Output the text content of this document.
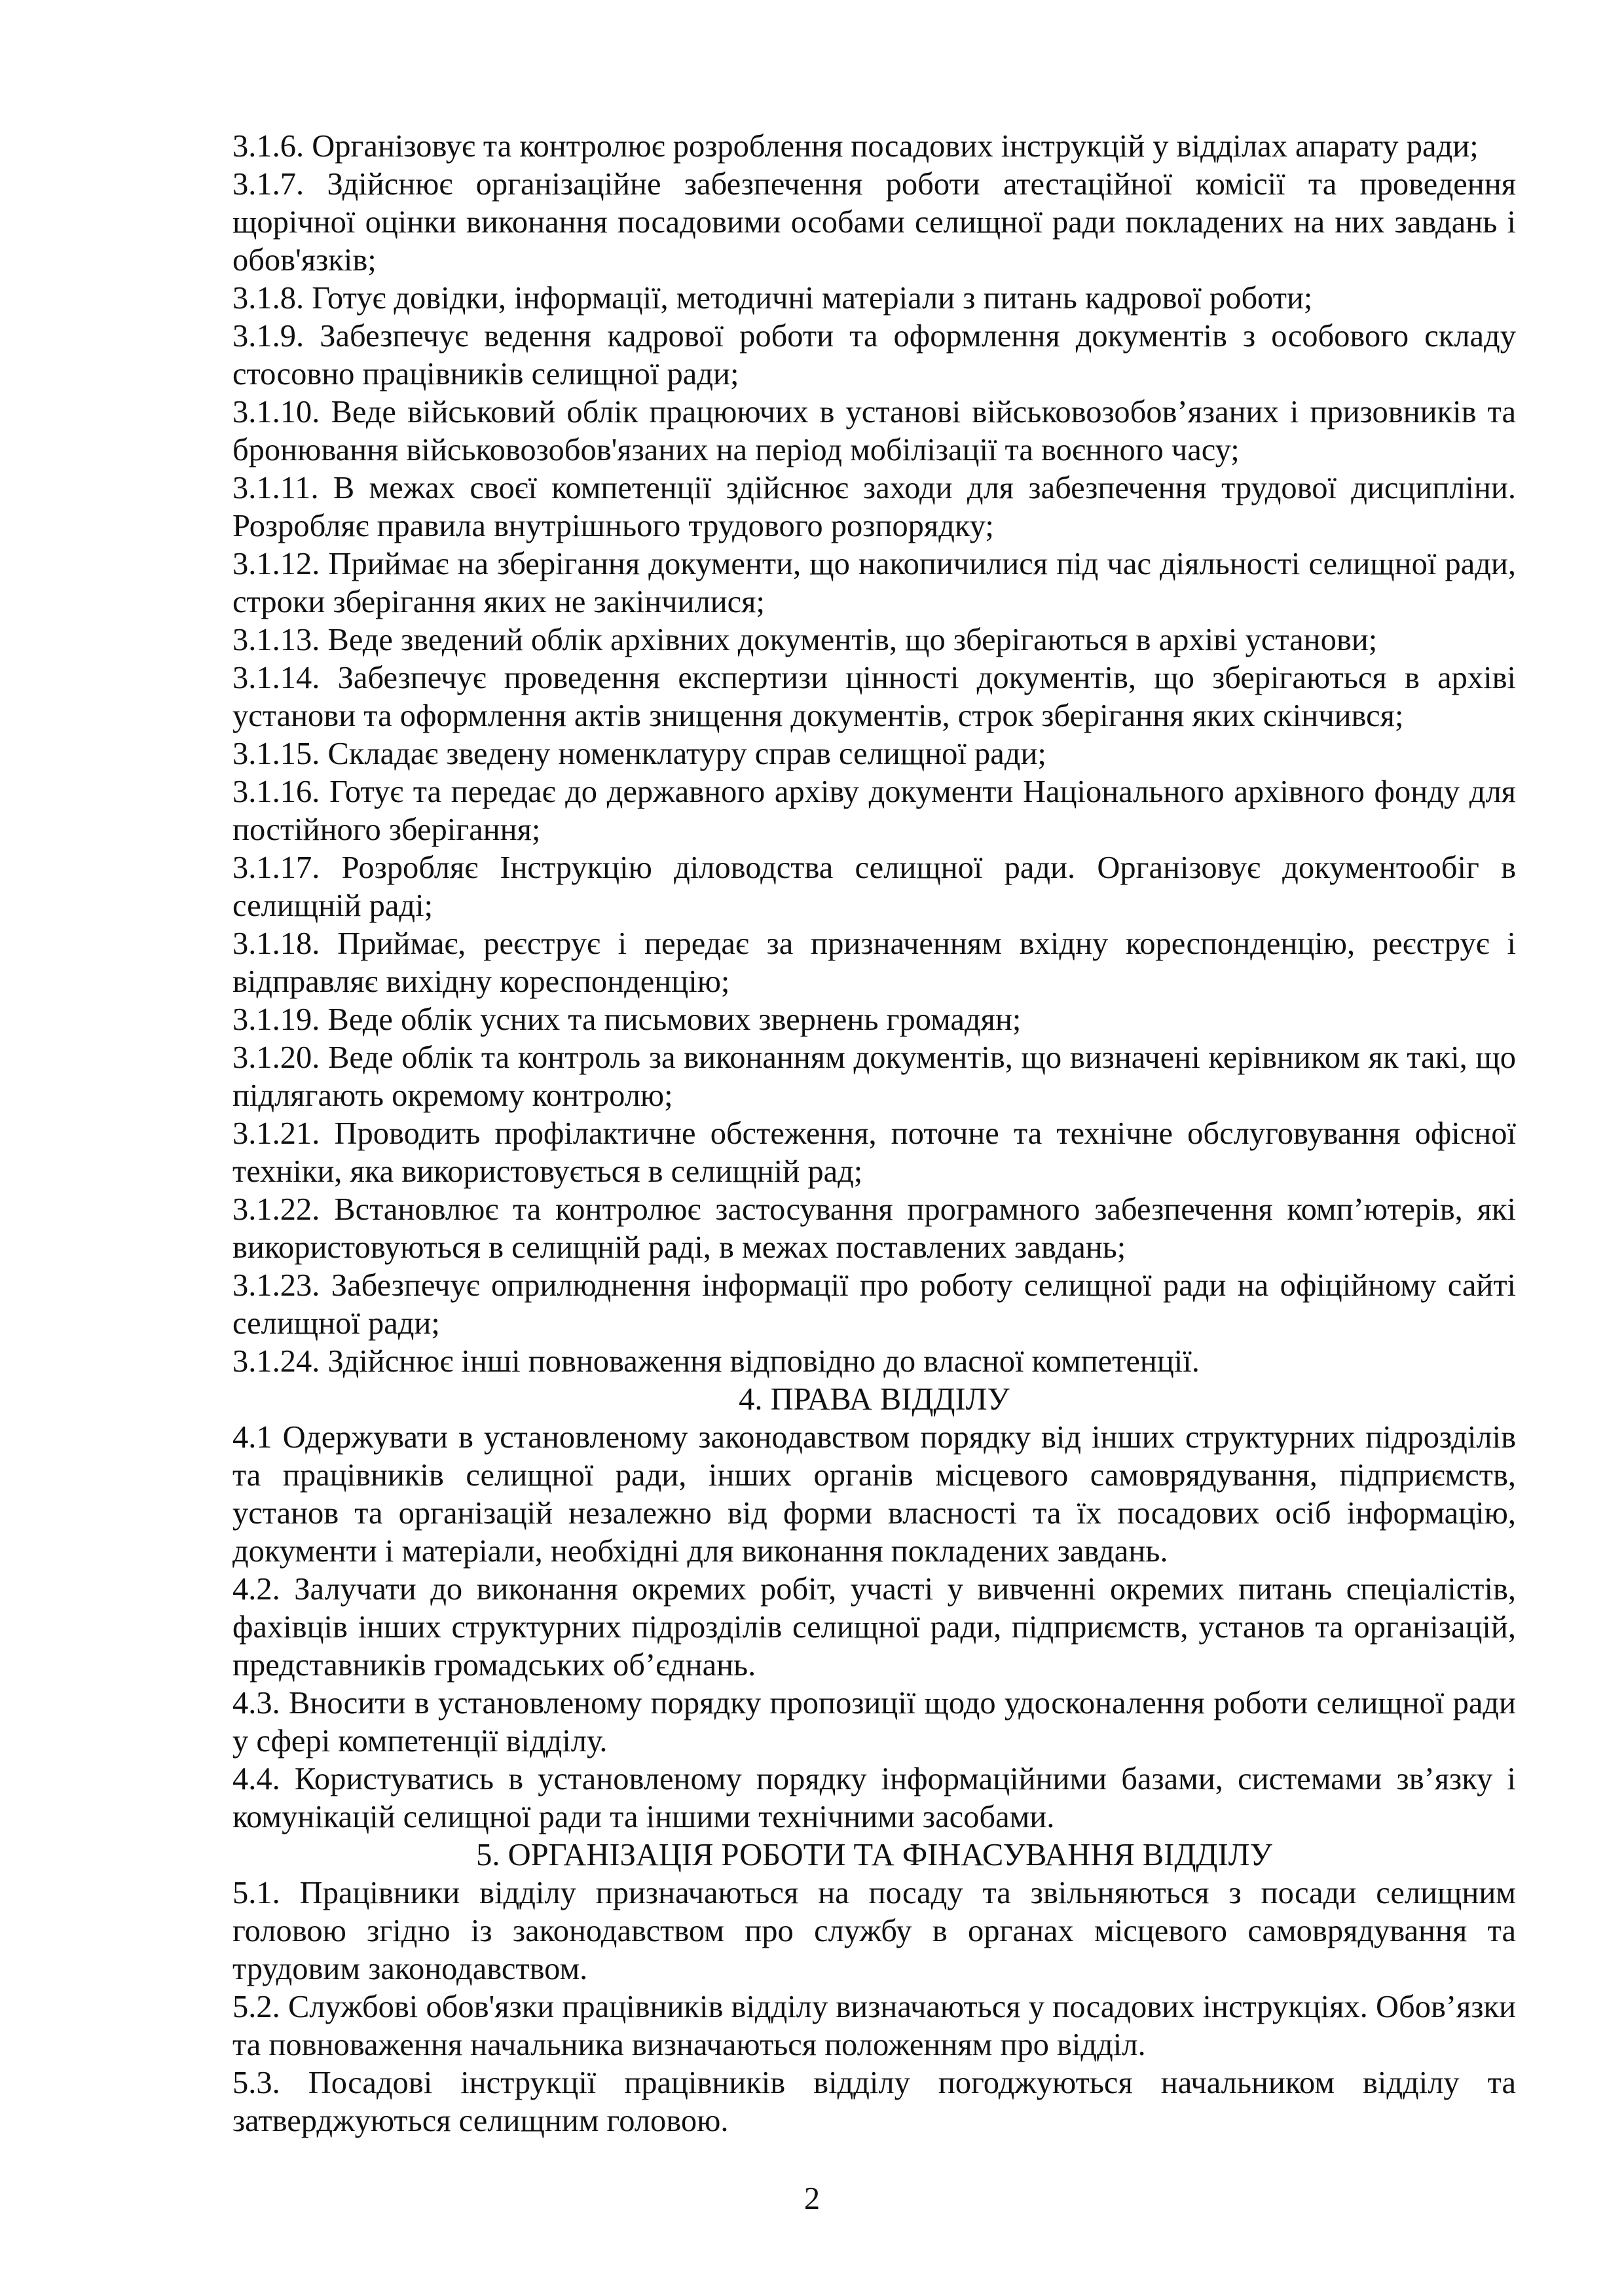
3.1.6. Організовує та контролює розроблення посадових інструкцій у відділах апарату ради;

3.1.7. Здійснює організаційне забезпечення роботи атестаційної комісії та проведення щорічної оцінки виконання посадовими особами селищної ради покладених на них завдань і обов'язків;

3.1.8. Готує довідки, інформації, методичні матеріали з питань кадрової роботи;

3.1.9. Забезпечує ведення кадрової роботи та оформлення документів з особового складу стосовно працівників селищної ради;

3.1.10. Веде військовий облік працюючих в установі військовозобов’язаних і призовників та бронювання військовозобов'язаних на період мобілізації та воєнного часу;

3.1.11. В межах своєї компетенції здійснює заходи для забезпечення трудової дисципліни. Розробляє правила внутрішнього трудового розпорядку;

3.1.12. Приймає на зберігання документи, що накопичилися під час діяльності селищної ради, строки зберігання яких не закінчилися;

3.1.13. Веде зведений облік архівних документів, що зберігаються в архіві установи;

3.1.14. Забезпечує проведення експертизи цінності документів, що зберігаються в архіві установи та оформлення актів знищення документів, строк зберігання яких скінчився;

3.1.15. Складає зведену номенклатуру справ селищної ради;

3.1.16. Готує та передає до державного архіву документи Національного архівного фонду для постійного зберігання;

3.1.17. Розробляє Інструкцію діловодства селищної ради. Організовує документообіг в селищній раді;

3.1.18. Приймає, реєструє і передає за призначенням вхідну кореспонденцію, реєструє і відправляє вихідну кореспонденцію;

3.1.19. Веде облік усних та письмових звернень громадян;

3.1.20. Веде облік та контроль за виконанням документів, що визначені керівником як такі, що підлягають окремому контролю;

3.1.21. Проводить профілактичне обстеження, поточне та технічне обслуговування офісної техніки, яка використовується в селищній рад;

3.1.22. Встановлює та контролює застосування програмного забезпечення комп’ютерів, які використовуються в селищній раді, в межах поставлених завдань;

3.1.23. Забезпечує оприлюднення інформації про роботу селищної ради на офіційному сайті селищної ради;

3.1.24. Здійснює інші повноваження відповідно до власної компетенції.

4. ПРАВА ВІДДІЛУ

4.1 Одержувати в установленому законодавством порядку від інших структурних підрозділів та працівників селищної ради, інших органів місцевого самоврядування, підприємств, установ та організацій незалежно від форми власності та їх посадових осіб інформацію, документи і матеріали, необхідні для виконання покладених завдань.

4.2. Залучати до виконання окремих робіт, участі у вивченні окремих питань спеціалістів, фахівців інших структурних підрозділів селищної ради, підприємств, установ та організацій, представників громадських об’єднань.

4.3. Вносити в установленому порядку пропозиції щодо удосконалення роботи селищної ради у сфері компетенції відділу.

4.4. Користуватись в установленому порядку інформаційними базами, системами зв’язку і комунікацій селищної ради та іншими технічними засобами.

5. ОРГАНІЗАЦІЯ РОБОТИ ТА ФІНАСУВАННЯ ВІДДІЛУ

5.1. Працівники відділу призначаються на посаду та звільняються з посади селищним головою згідно із законодавством про службу в органах місцевого самоврядування та трудовим законодавством.

5.2. Службові обов'язки працівників відділу визначаються у посадових інструкціях. Обов’язки та повноваження начальника визначаються положенням про відділ.

5.3. Посадові інструкції працівників відділу погоджуються начальником відділу та затверджуються селищним головою.

2
